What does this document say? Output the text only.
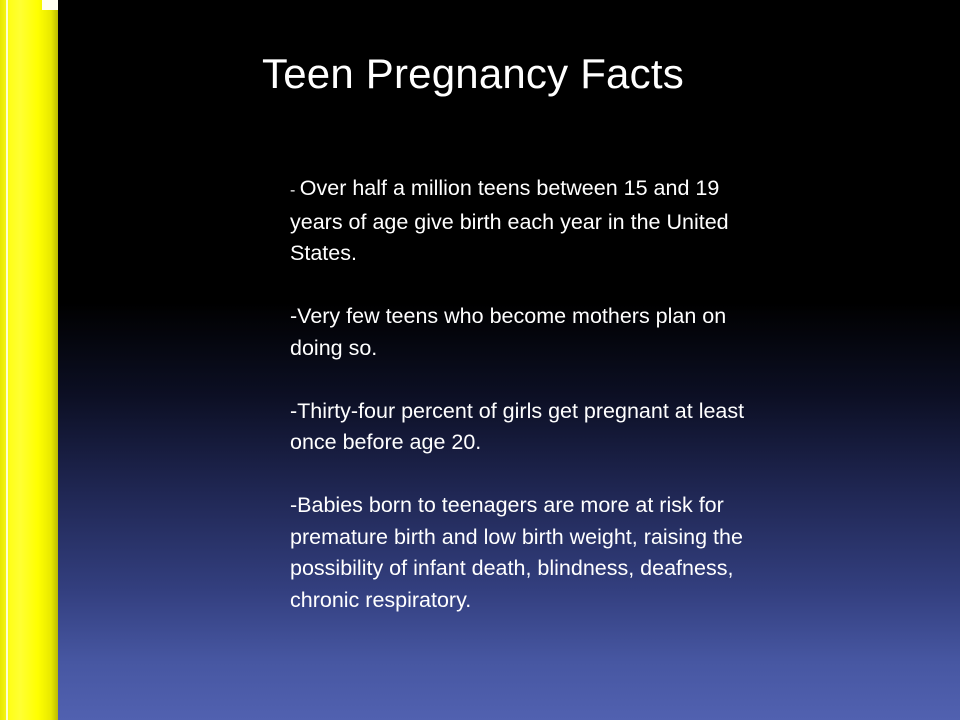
Teen Pregnancy Facts

- Over half a million teens between 15 and 19 years of age give birth each year in the United States.

-Very few teens who become mothers plan on doing so.

-Thirty-four percent of girls get pregnant at least once before age 20.

-Babies born to teenagers are more at risk for premature birth and low birth weight, raising the possibility of infant death, blindness, deafness, chronic respiratory.
